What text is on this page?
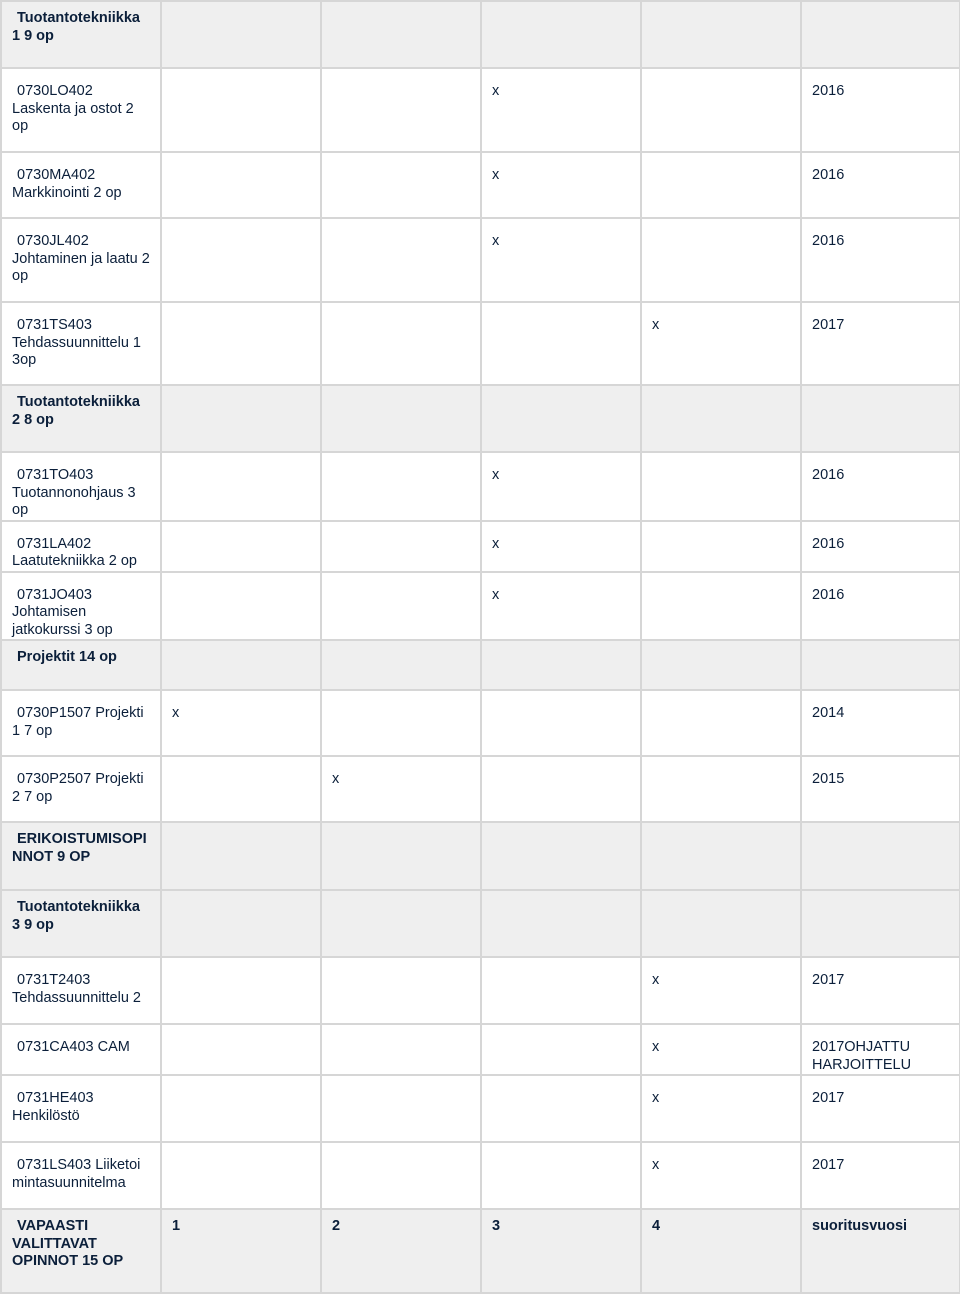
Tuotantotekniikka 1 9 op					
0730LO402 Laskenta ja ostot 2 op			x		2016
0730MA402 Markkinointi 2 op			x		2016
0730JL402 Johtaminen ja laatu 2 op			x		2016
0731TS403 Tehdassuunnittelu 1 3op				x	2017
Tuotantotekniikka 2 8 op					
0731TO403 Tuotannonohjaus 3 op			x		2016
0731LA402 Laatutekniikka 2 op			x		2016
0731JO403 Johtamisen jatkokurssi 3 op			x		2016
Projektit 14 op					
0730P1507 Projekti 1 7 op	x				2014
0730P2507 Projekti 2 7 op		x			2015
ERIKOISTUMISOPINNOT 9 OP					
Tuotantotekniikka 3 9 op					
0731T2403 Tehdassuunnittelu 2				x	2017
0731CA403 CAM				x	2017OHJATTU HARJOITTELU
0731HE403 Henkilöstö				x	2017
0731LS403 Liiketoimintasuunnitelma				x	2017
VAPAASTI VALITTAVAT OPINNOT 15 OP	1	2	3	4	suoritusvuosi
